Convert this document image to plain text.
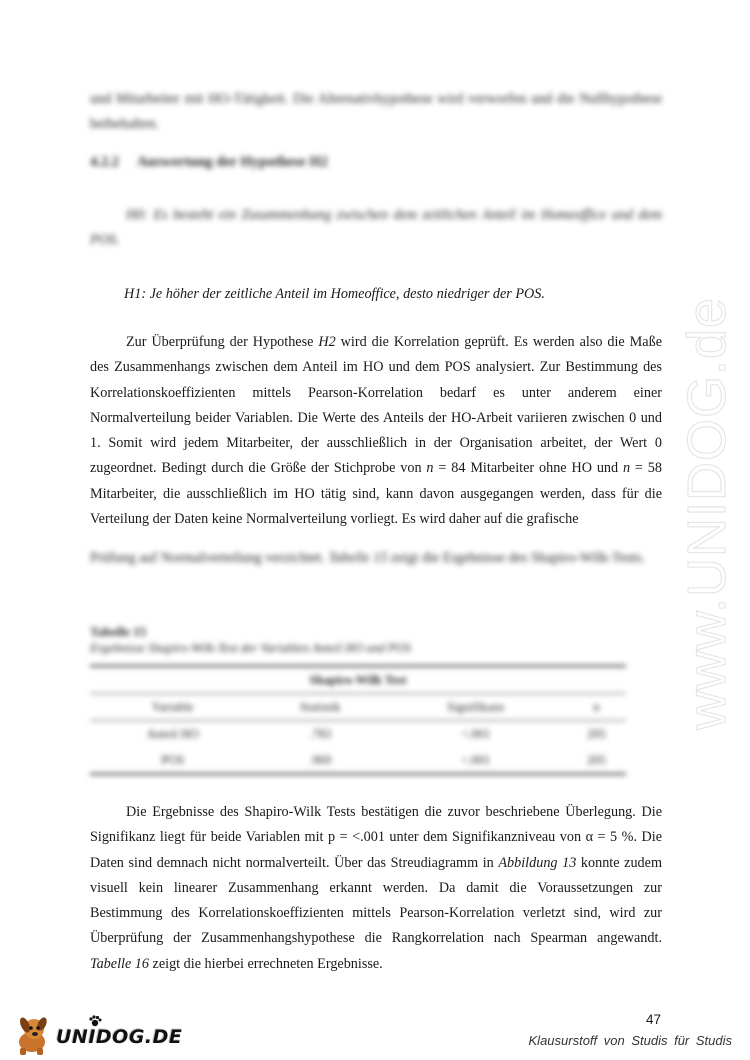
und Mitarbeiter mit HO-Tätigkeit. Die Alternativhypothese wird verworfen und die Nullhypothese beibehalten.

4.2.2 Auswertung der Hypothese H2

H0: Es besteht ein Zusammenhang zwischen dem zeitlichen Anteil im Homeoffice und dem POS.

H1: Je höher der zeitliche Anteil im Homeoffice, desto niedriger der POS.

Zur Überprüfung der Hypothese H2 wird die Korrelation geprüft. Es werden also die Maße des Zusammenhangs zwischen dem Anteil im HO und dem POS analysiert. Zur Bestimmung des Korrelationskoeffizienten mittels Pearson-Korrelation bedarf es unter anderem einer Normalverteilung beider Variablen. Die Werte des Anteils der HO-Arbeit variieren zwischen 0 und 1. Somit wird jedem Mitarbeiter, der ausschließlich in der Organisation arbeitet, der Wert 0 zugeordnet. Bedingt durch die Größe der Stichprobe von n = 84 Mitarbeiter ohne HO und n = 58 Mitarbeiter, die ausschließlich im HO tätig sind, kann davon ausgegangen werden, dass für die Verteilung der Daten keine Normalverteilung vorliegt. Es wird daher auf die grafische

Prüfung auf Normalverteilung verzichtet. Tabelle 15 zeigt die Ergebnisse des Shapiro-Wilk-Tests.

Tabelle 15
Ergebnisse Shapiro-Wilk-Test der Variablen Anteil HO und POS
Shapiro-Wilk Test			
Variable	Statistik	Signifikanz	n
Anteil HO	.783	<.001	205
POS	.969	<.001	205

Die Ergebnisse des Shapiro-Wilk Tests bestätigen die zuvor beschriebene Überlegung. Die Signifikanz liegt für beide Variablen mit p = <.001 unter dem Signifikanzniveau von α = 5 %. Die Daten sind demnach nicht normalverteilt. Über das Streudiagramm in Abbildung 13 konnte zudem visuell kein linearer Zusammenhang erkannt werden. Da damit die Voraussetzungen zur Bestimmung des Korrelationskoeffizienten mittels Pearson-Korrelation verletzt sind, wird zur Überprüfung der Zusammenhangshypothese die Rangkorrelation nach Spearman angewandt. Tabelle 16 zeigt die hierbei errechneten Ergebnisse.

www.UNIDOG.de
UNIDOG.DE
47
Klausurstoff von Studis für Studis
